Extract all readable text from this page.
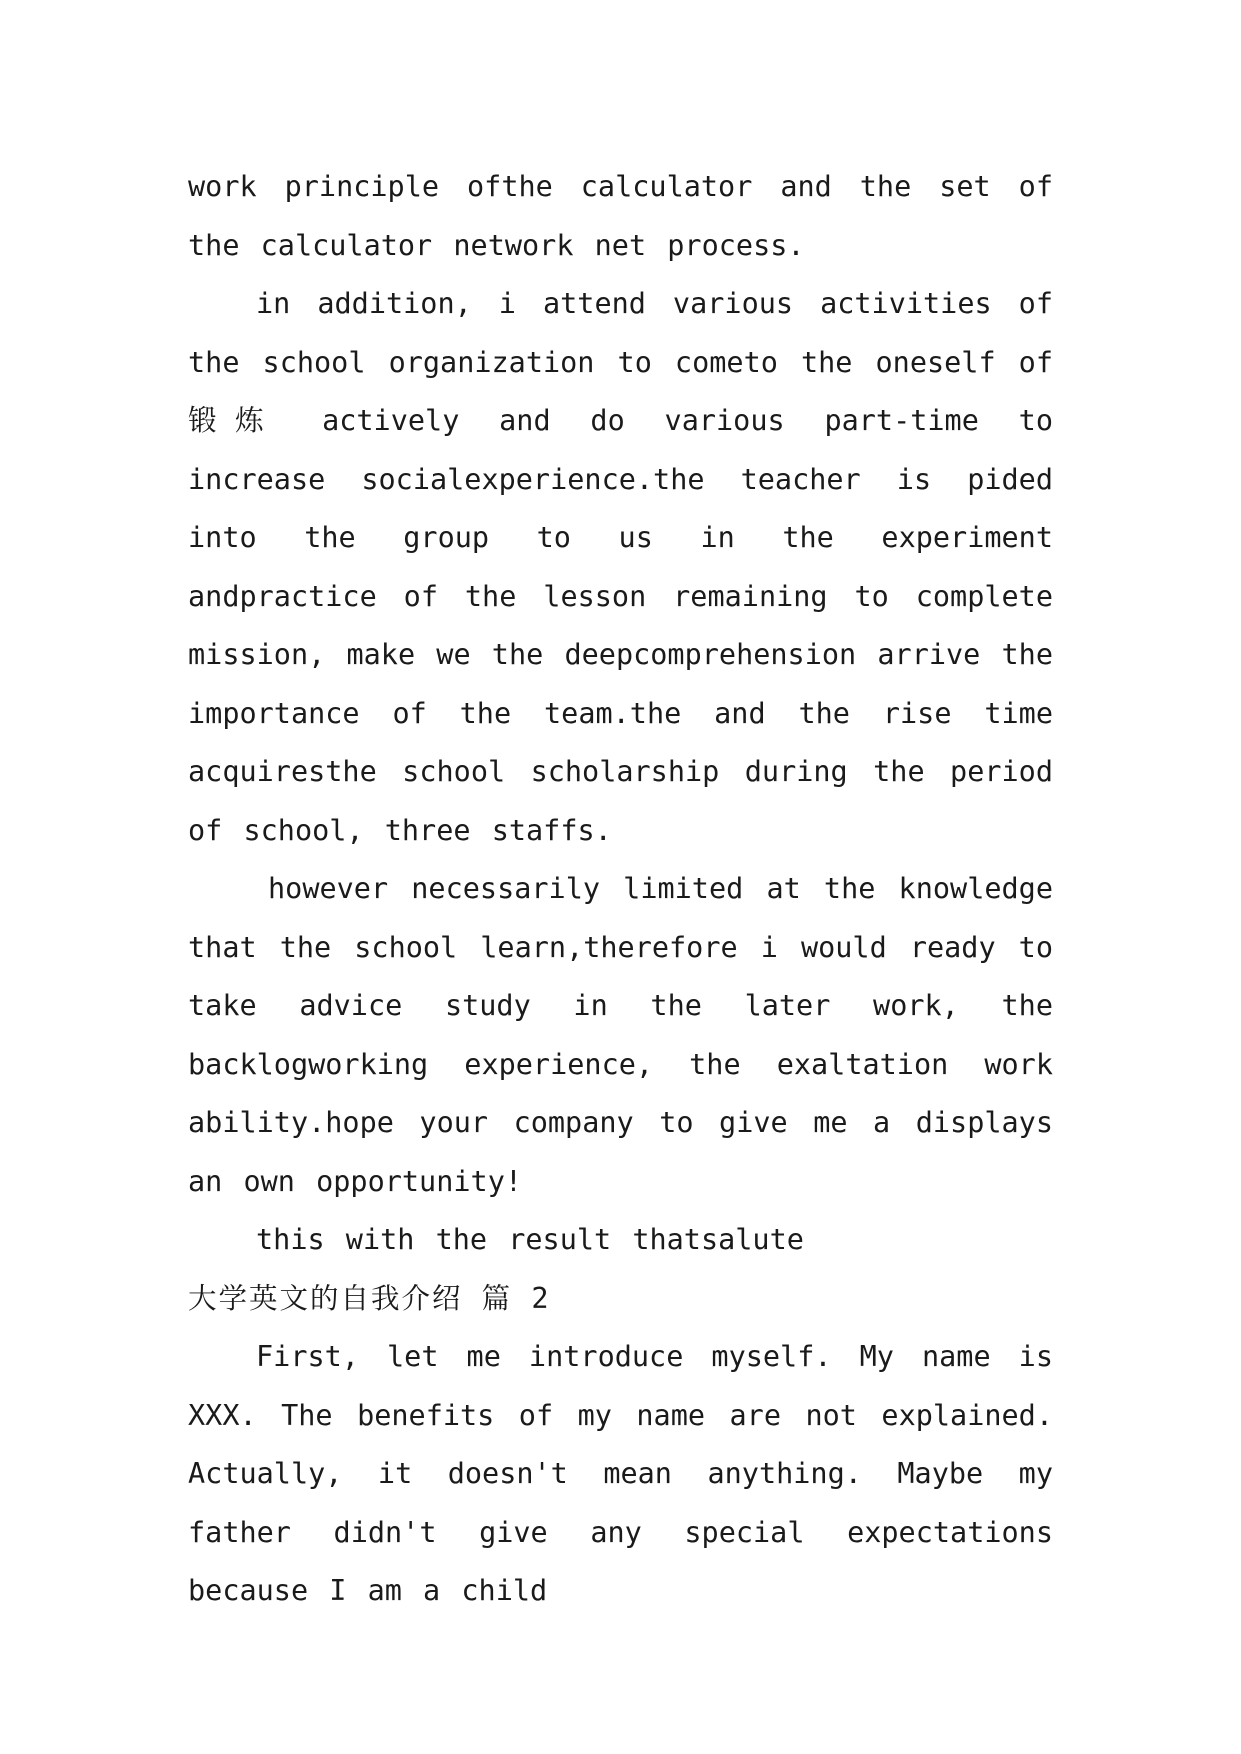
work principle ofthe calculator and the set of the calculator network net process.

in addition, i attend various activities of the school organization to cometo the oneself of 锻炼 actively and do various part-time to increase socialexperience.the teacher is pided into the group to us in the experiment andpractice of the lesson remaining to complete mission, make we the deepcomprehension arrive the importance of the team.the and the rise time acquiresthe school scholarship during the period of school, three staffs.

however necessarily limited at the knowledge that the school learn,therefore i would ready to take advice study in the later work, the backlogworking experience, the exaltation work ability.hope your company to give me a displays an own opportunity!

this with the result thatsalute

大学英文的自我介绍 篇 2

First, let me introduce myself. My name is XXX. The benefits of my name are not explained. Actually, it doesn't mean anything. Maybe my father didn't give any special expectations because I am a child
